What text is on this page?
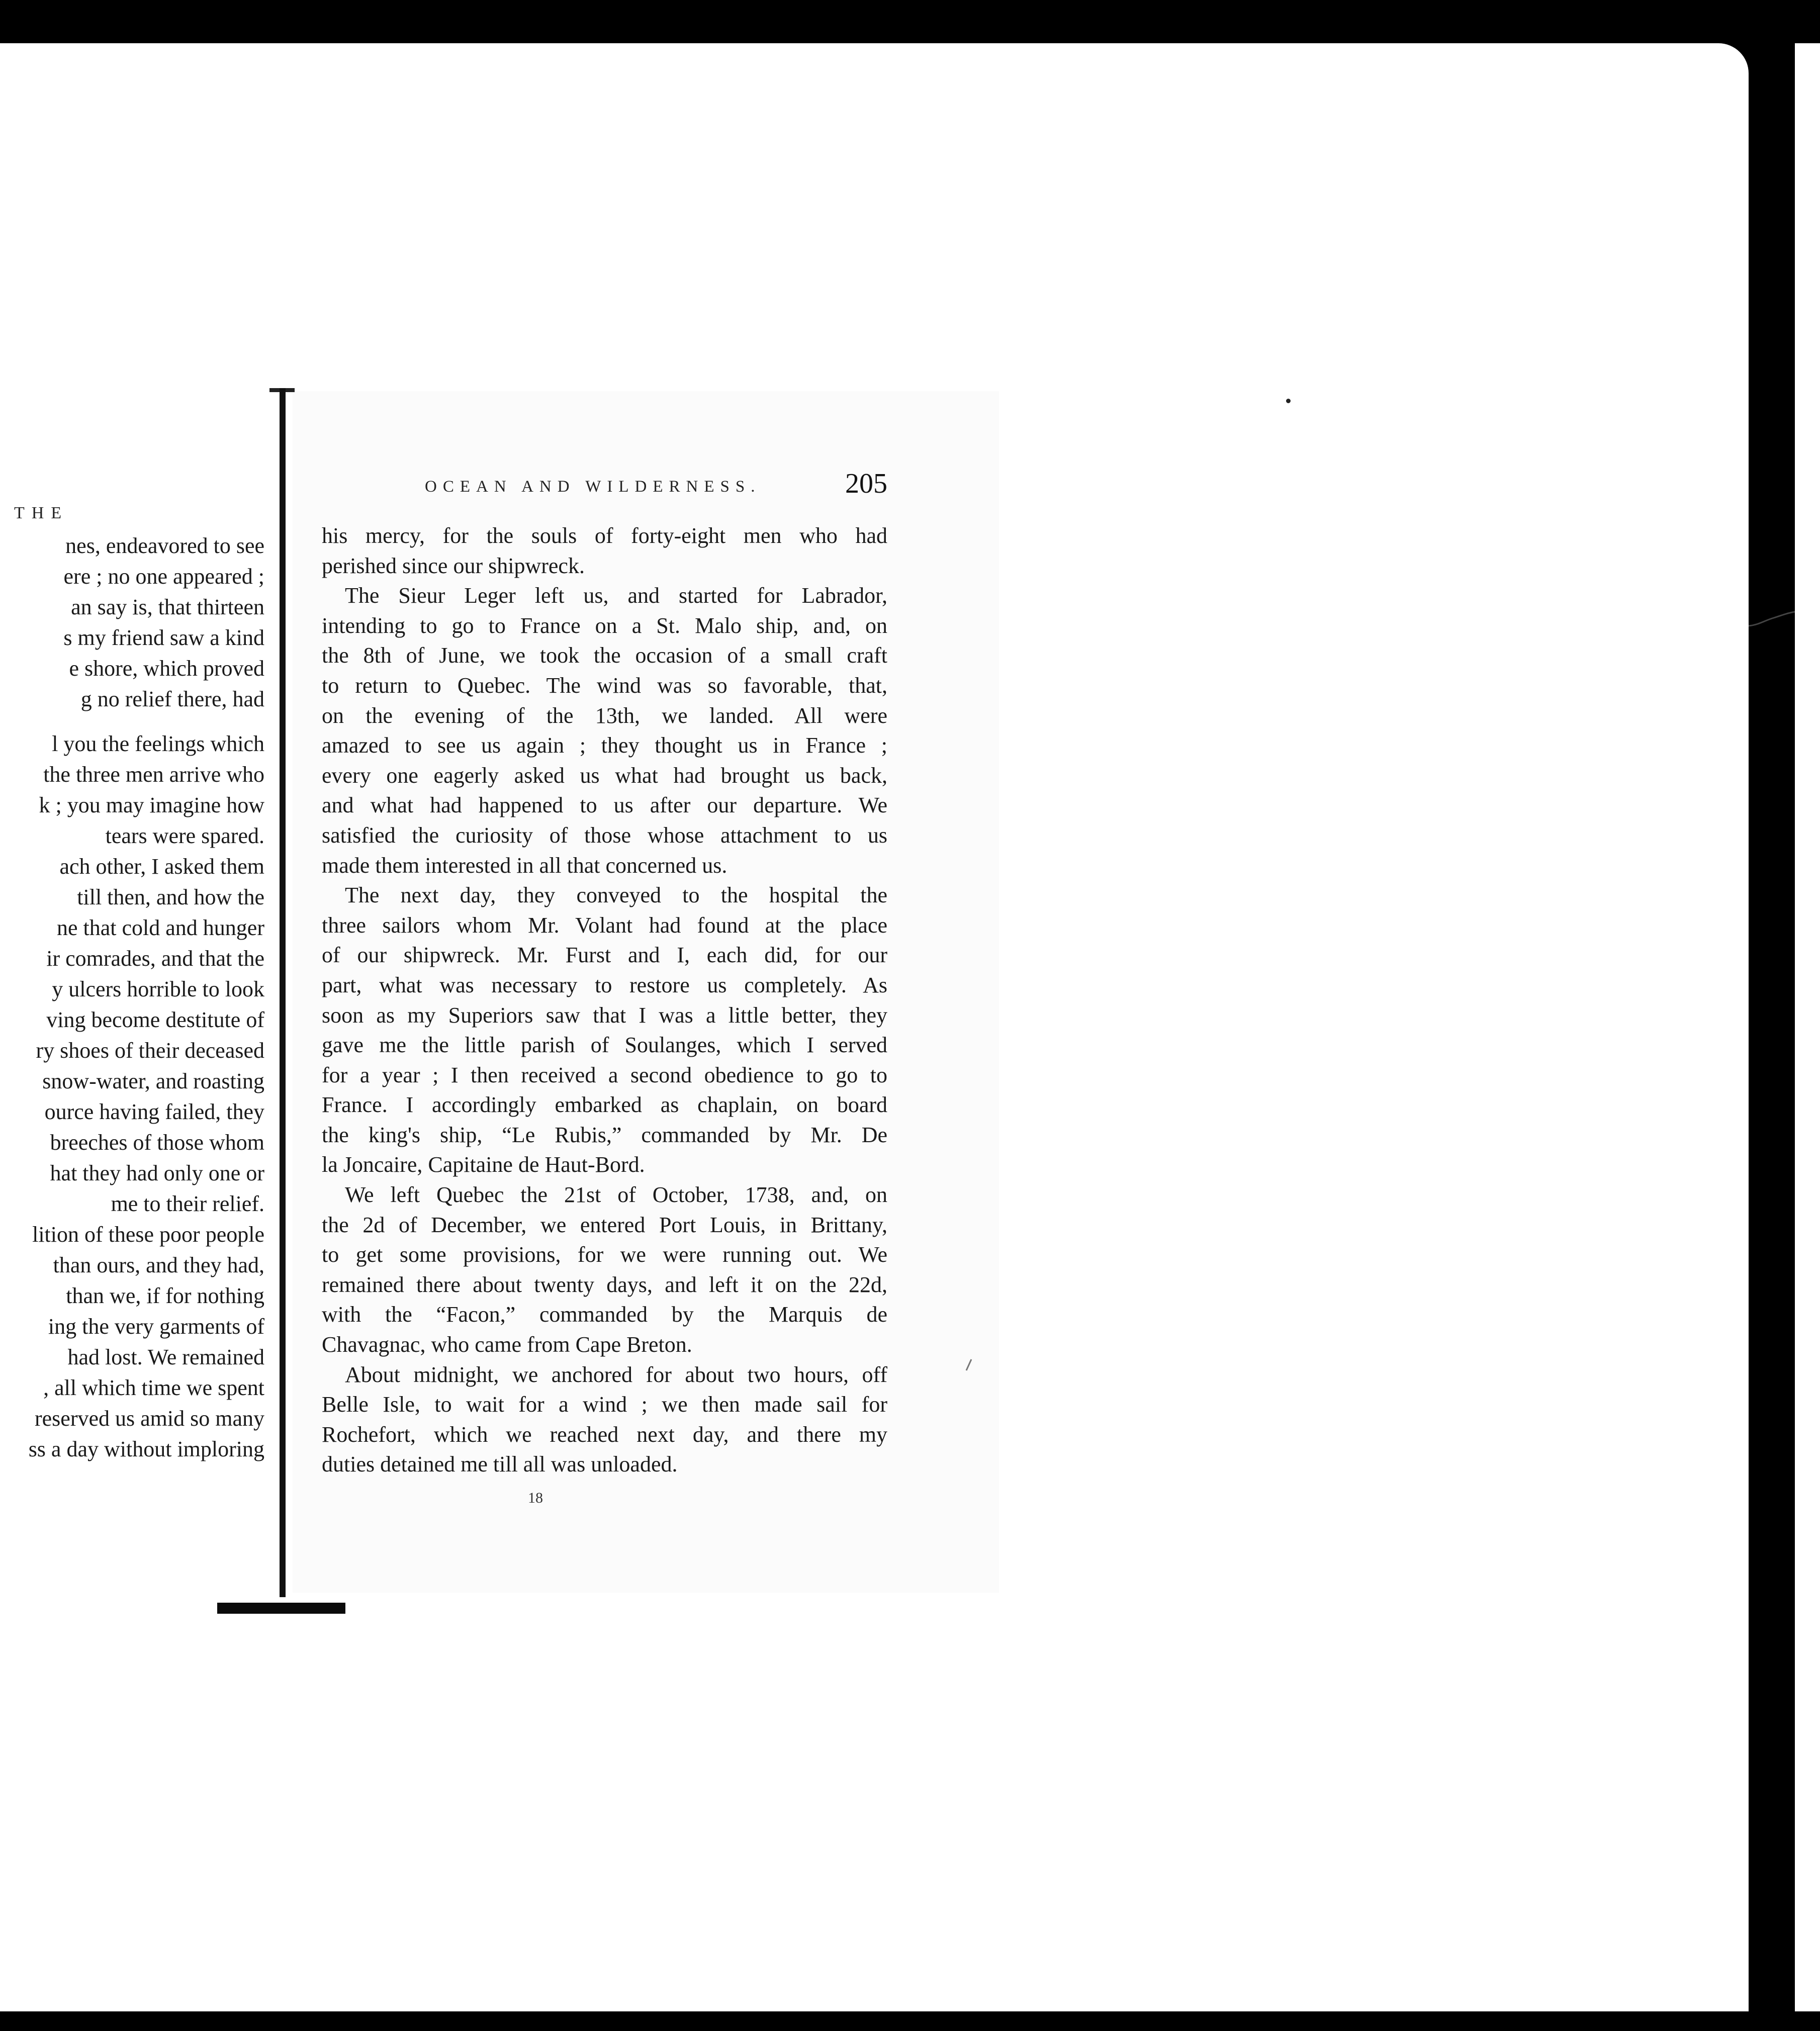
THE
nes, endeavored to see
ere ; no one appeared ;
an say is, that thirteen
s my friend saw a kind
e shore, which proved
g no relief there, had
l you the feelings which
the three men arrive who
k ; you may imagine how
tears were spared.
ach other, I asked them
till then, and how the
ne that cold and hunger
ir comrades, and that the
y ulcers horrible to look
ving become destitute of
ry shoes of their deceased
snow-water, and roasting
ource having failed, they
breeches of those whom
hat they had only one or
me to their relief.
lition of these poor people
than ours, and they had,
than we, if for nothing
ing the very garments of
had lost. We remained
, all which time we spent
reserved us amid so many
ss a day without imploring
OCEAN AND WILDERNESS.	205
his mercy, for the souls of forty-eight men who had
perished since our shipwreck.
The Sieur Leger left us, and started for Labrador,
intending to go to France on a St. Malo ship, and, on
the 8th of June, we took the occasion of a small craft
to return to Quebec. The wind was so favorable, that,
on the evening of the 13th, we landed. All were
amazed to see us again ; they thought us in France ;
every one eagerly asked us what had brought us back,
and what had happened to us after our departure. We
satisfied the curiosity of those whose attachment to us
made them interested in all that concerned us.
The next day, they conveyed to the hospital the
three sailors whom Mr. Volant had found at the place
of our shipwreck. Mr. Furst and I, each did, for our
part, what was necessary to restore us completely. As
soon as my Superiors saw that I was a little better, they
gave me the little parish of Soulanges, which I served
for a year ; I then received a second obedience to go to
France. I accordingly embarked as chaplain, on board
the king's ship, “Le Rubis,” commanded by Mr. De
la Joncaire, Capitaine de Haut-Bord.
We left Quebec the 21st of October, 1738, and, on
the 2d of December, we entered Port Louis, in Brittany,
to get some provisions, for we were running out. We
remained there about twenty days, and left it on the 22d,
with the “Facon,” commanded by the Marquis de
Chavagnac, who came from Cape Breton.
About midnight, we anchored for about two hours, off
Belle Isle, to wait for a wind ; we then made sail for
Rochefort, which we reached next day, and there my
duties detained me till all was unloaded.
18
